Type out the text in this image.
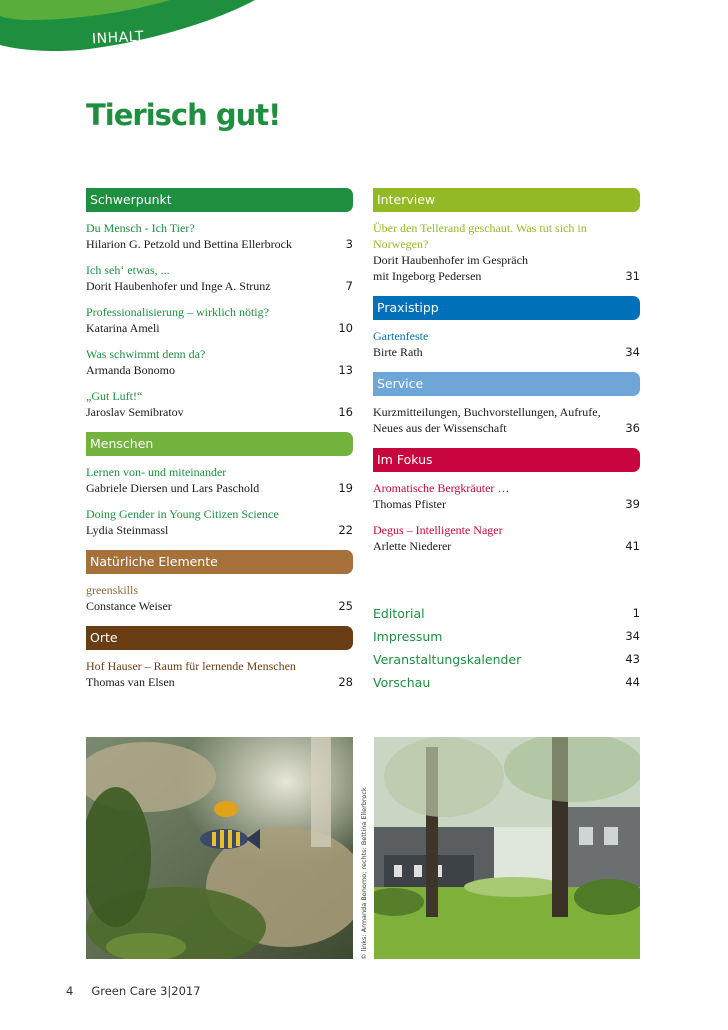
INHALT
Tierisch gut!
Schwerpunkt
Du Mensch - Ich Tier?
Hilarion G. Petzold und Bettina Ellerbrock	3
Ich seh‘ etwas, ...
Dorit Haubenhofer und Inge A. Strunz	7
Professionalisierung – wirklich nötig?
Katarina Ameli	10
Was schwimmt denn da?
Armanda Bonomo	13
„Gut Luft!“
Jaroslav Semibratov	16
Menschen
Lernen von- und miteinander
Gabriele Diersen und Lars Paschold	19
Doing Gender in Young Citizen Science
Lydia Steinmassl	22
Natürliche Elemente
greenskills
Constance Weiser	25
Orte
Hof Hauser – Raum für lernende Menschen
Thomas van Elsen	28
Interview
Über den Tellerand geschaut. Was tut sich in Norwegen?
Dorit Haubenhofer im Gespräch
mit Ingeborg Pedersen	31
Praxistipp
Gartenfeste
Birte Rath	34
Service
Kurzmitteilungen, Buchvorstellungen, Aufrufe,
Neues aus der Wissenschaft	36
Im Fokus
Aromatische Bergkräuter …
Thomas Pfister	39
Degus – Intelligente Nager
Arlette Niederer	41
Editorial	1
Impressum	34
Veranstaltungskalender	43
Vorschau	44
© links: Armanda Bonomo; rechts: Bettina Ellerbrock
4 Green Care 3|2017
